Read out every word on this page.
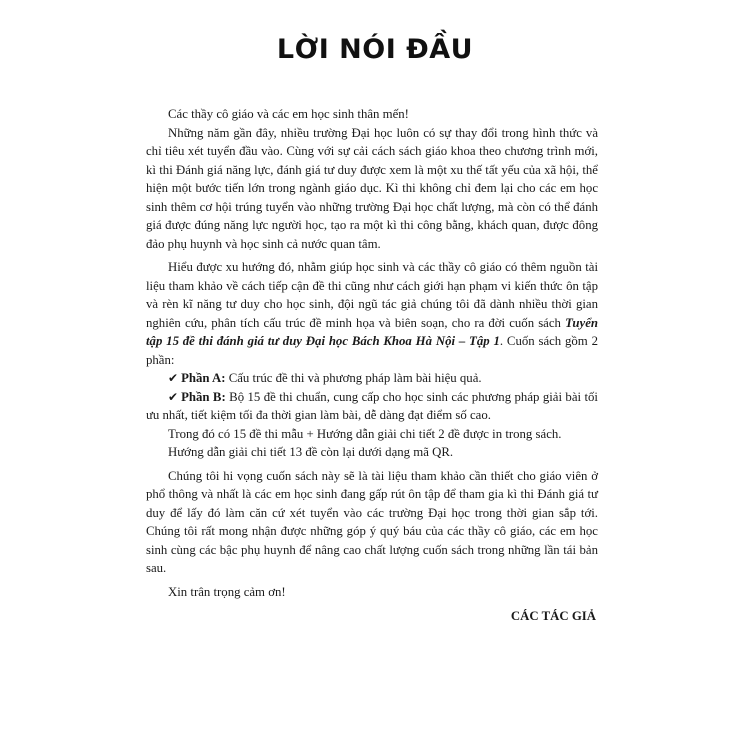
LỜI NÓI ĐẦU

Các thầy cô giáo và các em học sinh thân mến!

Những năm gần đây, nhiều trường Đại học luôn có sự thay đổi trong hình thức và chỉ tiêu xét tuyển đầu vào. Cùng với sự cải cách sách giáo khoa theo chương trình mới, kì thi Đánh giá năng lực, đánh giá tư duy được xem là một xu thế tất yếu của xã hội, thể hiện một bước tiến lớn trong ngành giáo dục. Kì thi không chỉ đem lại cho các em học sinh thêm cơ hội trúng tuyển vào những trường Đại học chất lượng, mà còn có thể đánh giá được đúng năng lực người học, tạo ra một kì thi công bằng, khách quan, được đông đảo phụ huynh và học sinh cả nước quan tâm.

Hiểu được xu hướng đó, nhằm giúp học sinh và các thầy cô giáo có thêm nguồn tài liệu tham khảo về cách tiếp cận đề thi cũng như cách giới hạn phạm vi kiến thức ôn tập và rèn kĩ năng tư duy cho học sinh, đội ngũ tác giả chúng tôi đã dành nhiều thời gian nghiên cứu, phân tích cấu trúc đề minh họa và biên soạn, cho ra đời cuốn sách Tuyển tập 15 đề thi đánh giá tư duy Đại học Bách Khoa Hà Nội – Tập 1. Cuốn sách gồm 2 phần:

✔ Phần A: Cấu trúc đề thi và phương pháp làm bài hiệu quả.

✔ Phần B: Bộ 15 đề thi chuẩn, cung cấp cho học sinh các phương pháp giải bài tối ưu nhất, tiết kiệm tối đa thời gian làm bài, dễ dàng đạt điểm số cao.

Trong đó có 15 đề thi mẫu + Hướng dẫn giải chi tiết 2 đề được in trong sách.

Hướng dẫn giải chi tiết 13 đề còn lại dưới dạng mã QR.

Chúng tôi hi vọng cuốn sách này sẽ là tài liệu tham khảo cần thiết cho giáo viên ở phổ thông và nhất là các em học sinh đang gấp rút ôn tập để tham gia kì thi Đánh giá tư duy để lấy đó làm căn cứ xét tuyển vào các trường Đại học trong thời gian sắp tới. Chúng tôi rất mong nhận được những góp ý quý báu của các thầy cô giáo, các em học sinh cùng các bậc phụ huynh để nâng cao chất lượng cuốn sách trong những lần tái bản sau.

Xin trân trọng cảm ơn!

CÁC TÁC GIẢ
